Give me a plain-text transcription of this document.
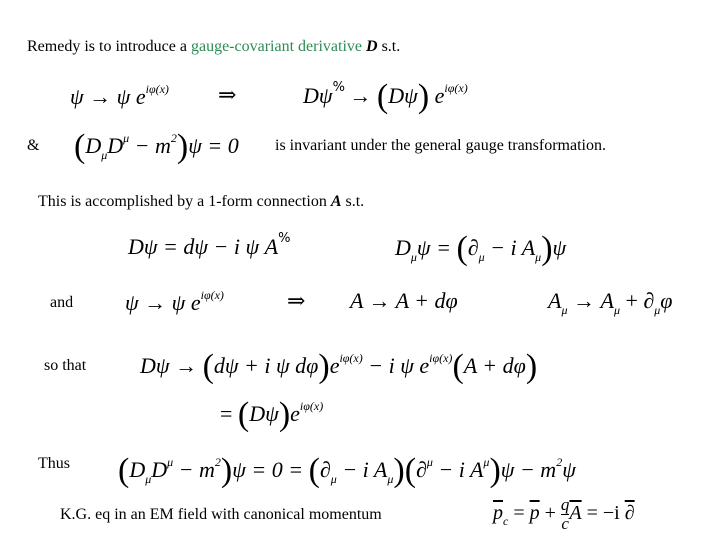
Remedy is to introduce a gauge-covariant derivative D s.t.
ψ → ψ $e^{i\varphi(x)}$ ⇒	Dψ% → (Dψ) $e^{i\varphi(x)}$
& $(D_\mu D^\mu - m^2)\psi = 0$ is invariant under the general gauge transformation.
This is accomplished by a 1-form connection A s.t.
Dψ = dψ − i ψ A%	$D_\mu\psi = (\partial_\mu - i$ $A_\mu)\psi$
and ψ → ψ $e^{i\varphi(x)}$	⇒ A → A + dφ	$A_\mu \to A_\mu + \partial_\mu\varphi$
so that Dψ → (dψ + i ψ $d\varphi)e^{i\varphi(x)} - i$ ψ $e^{i\varphi(x)}(A + d\varphi)$
= $(D\psi)e^{i\varphi(x)}$
Thus $(D_\mu D^\mu - m^2)\psi = 0 = (\partial_\mu - i$ $A_\mu)(\partial^\mu - i$ $A^\mu)\psi - m^2\psi$
K.G. eq in an EM field with canonical momentum	$\overline{p}_c = \overline{p} + \frac{q}{c} \overline{A} = -i$ ∂
